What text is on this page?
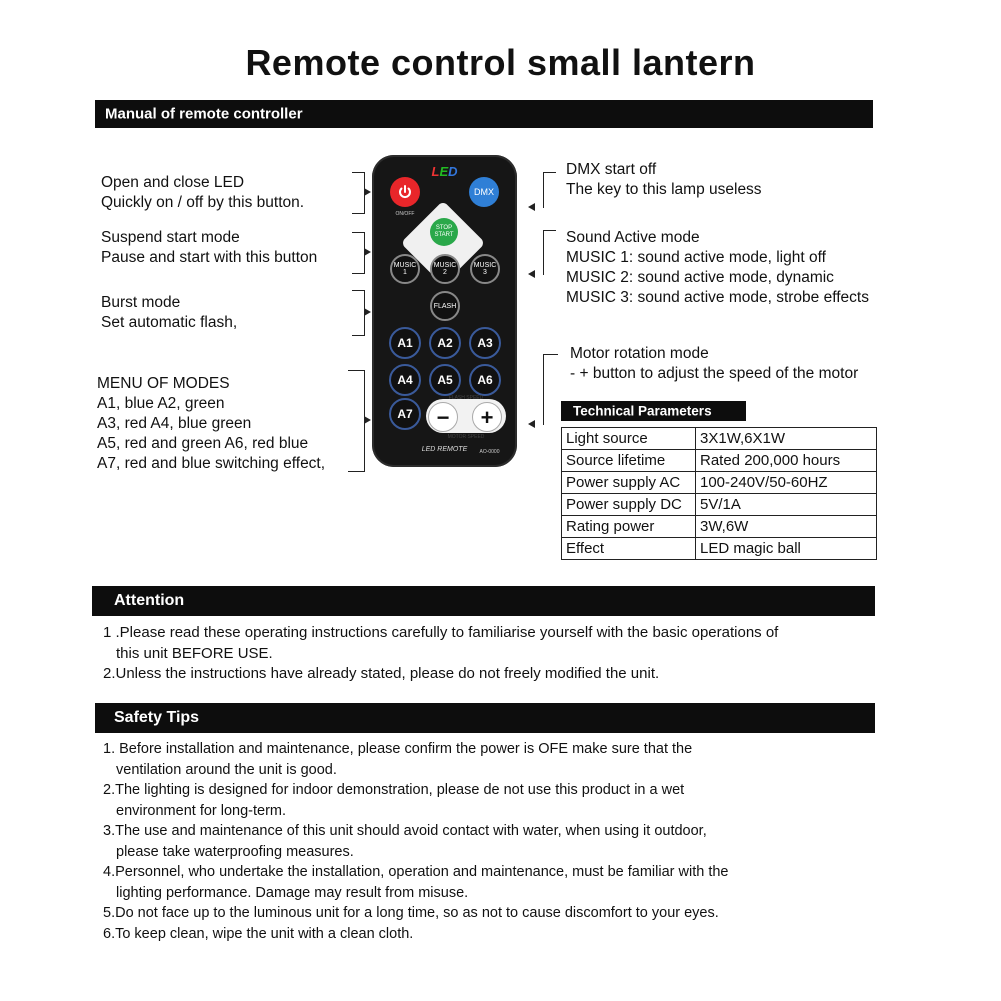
Remote control small lantern
Manual of remote controller
Open and close LED
Quickly on / off by this button.
Suspend start mode
Pause and start with this button
Burst mode
Set automatic flash,
MENU OF MODES
A1, blue A2, green
A3, red A4, blue green
A5, red and green A6, red blue
A7, red and blue switching effect,
LED
ON/OFF
DMX
STOP START
MUSIC 1
MUSIC 2
MUSIC 3
FLASH
A1	A2	A3
A4	A5	A6
A7
FLASH SPEED
− +
MOTOR SPEED
LED REMOTE	AO-0000
DMX start off
The key to this lamp useless
Sound Active mode
MUSIC 1: sound active mode, light off
MUSIC 2: sound active mode, dynamic
MUSIC 3: sound active mode, strobe effects
Motor rotation mode
- + button to adjust the speed of the motor
Technical Parameters
Light source	3X1W,6X1W
Source lifetime	Rated 200,000 hours
Power supply AC	100-240V/50-60HZ
Power supply DC	5V/1A
Rating power	3W,6W
Effect	LED magic ball
Attention
1 .Please read these operating instructions carefully to familiarise yourself with the basic operations of
this unit BEFORE USE.
2.Unless the instructions have already stated, please do not freely modified the unit.
Safety Tips
1. Before installation and maintenance, please confirm the power is OFE make sure that the
ventilation around the unit is good.
2.The lighting is designed for indoor demonstration, please de not use this product in a wet
environment for long-term.
3.The use and maintenance of this unit should avoid contact with water, when using it outdoor,
please take waterproofing measures.
4.Personnel, who undertake the installation, operation and maintenance, must be familiar with the
lighting performance. Damage may result from misuse.
5.Do not face up to the luminous unit for a long time, so as not to cause discomfort to your eyes.
6.To keep clean, wipe the unit with a clean cloth.
